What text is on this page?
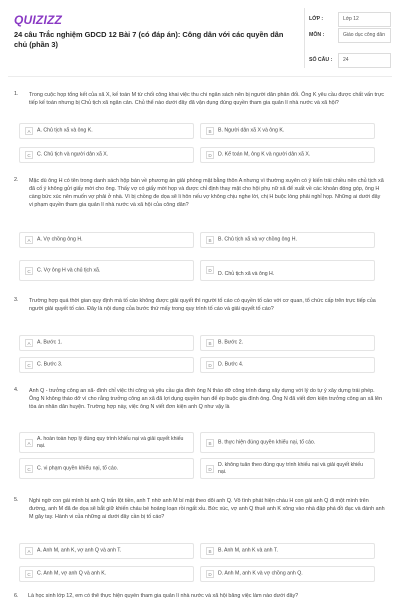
QUIZIZZ
24 câu Trắc nghiệm GDCD 12 Bài 7 (có đáp án): Công dân với các quyền dân chủ (phần 3)
LỚP :	Lớp 12
MÔN :	Giáo dục công dân
SỐ CÂU :	24
1. Trong cuộc họp tổng kết của xã X, kế toán M từ chối công khai việc thu chi ngân sách nên bị người dân phản đối. Ông K yêu cầu được chất vấn trực tiếp kế toán nhưng bị Chủ tịch xã ngăn cản. Chủ thể nào dưới đây đã vận dụng đúng quyền tham gia quản lí nhà nước và xã hội?
A	A. Chủ tịch xã và ông K.	B	B. Người dân xã X và ông K.
C	C. Chủ tịch và người dân xã X.	D	D. Kế toán M, ông K và người dân xã X.
2. Mặc dù ông H có tên trong danh sách hộp bán về phương án giải phóng mặt bằng thôn A nhưng vì thường xuyên có ý kiến trái chiều nên chủ tịch xã đã cố ý không gửi giấy mời cho ông. Thấy vợ có giấy mời họp và được chỉ định thay mặt cho hội phụ nữ xã để xuất về các khoản đóng góp, ông H càng bức xúc nên muốn vợ phải ở nhà. Vì bị chồng đe dọa sẽ li hôn nếu vợ không chịu nghe lời, chị H buộc lòng phải nghỉ họp. Những ai dưới đây vi phạm quyền tham gia quản lí nhà nước và xã hội của công dân?
A	A. Vợ chồng ông H.	B	B. Chủ tịch xã và vợ chồng ông H.
C	C. Vợ ông H và chủ tịch xã.	D
D. Chủ tịch xã và ông H.
3. Trường hợp quá thời gian quy định mà tố cáo không được giải quyết thì người tố cáo có quyền tố cáo với cơ quan, tổ chức cấp trên trực tiếp của người giải quyết tố cáo. Đây là nội dung của bước thứ mấy trong quy trình tố cáo và giải quyết tố cáo?
A	A. Bước 1.	B	B. Bước 2.
C	C. Bước 3.	D	D. Bước 4.
4. Anh Q - trưởng công an xã- đình chỉ việc thi công và yêu cầu gia đình ông N tháo dỡ công trình đang xây dựng với lý do tự ý xây dựng trái phép. Ông N không tháo dỡ vì cho rằng trưởng công an xã đã lợi dụng quyền hạn để ép buộc gia đình ông. Ông N đã viết đơn kiện trưởng công an xã lên tòa án nhân dân huyện. Trường hợp này, việc ông N viết đơn kiện anh Q như vậy là
A
A. hoàn toàn hợp lý đúng quy trình khiếu nại và giải quyết khiếu nại.	B	B. thực hiện đúng quyền khiếu nại, tố cáo.
C	C. vi phạm quyền khiếu nại, tố cáo.	D
D. không tuân theo đúng quy trình khiếu nại và giải quyết khiếu nại.
5. Nghi ngờ con gái mình bị anh Q trấn lột tiền, anh T nhờ anh M bí mật theo dõi anh Q. Vô tình phát hiện cháu H con gái anh Q đi một mình trên đường, anh M đã đe dọa sẽ bắt giữ khiến cháu bé hoảng loạn rồi ngất xỉu. Bức xúc, vợ anh Q thuê anh K xông vào nhà đập phá đồ đạc và đánh anh M gây tay. Hành vi của những ai dưới đây cần bị tố cáo?
A	A. Anh M, anh K, vợ anh Q và anh T.	B	B. Anh M, anh K và anh T.
C	C. Anh M, vợ anh Q và anh K.	D	D. Anh M, anh K và vợ chồng anh Q.
6. Là học sinh lớp 12, em có thể thực hiện quyền tham gia quản lí nhà nước và xã hội bằng việc làm nào dưới đây?
